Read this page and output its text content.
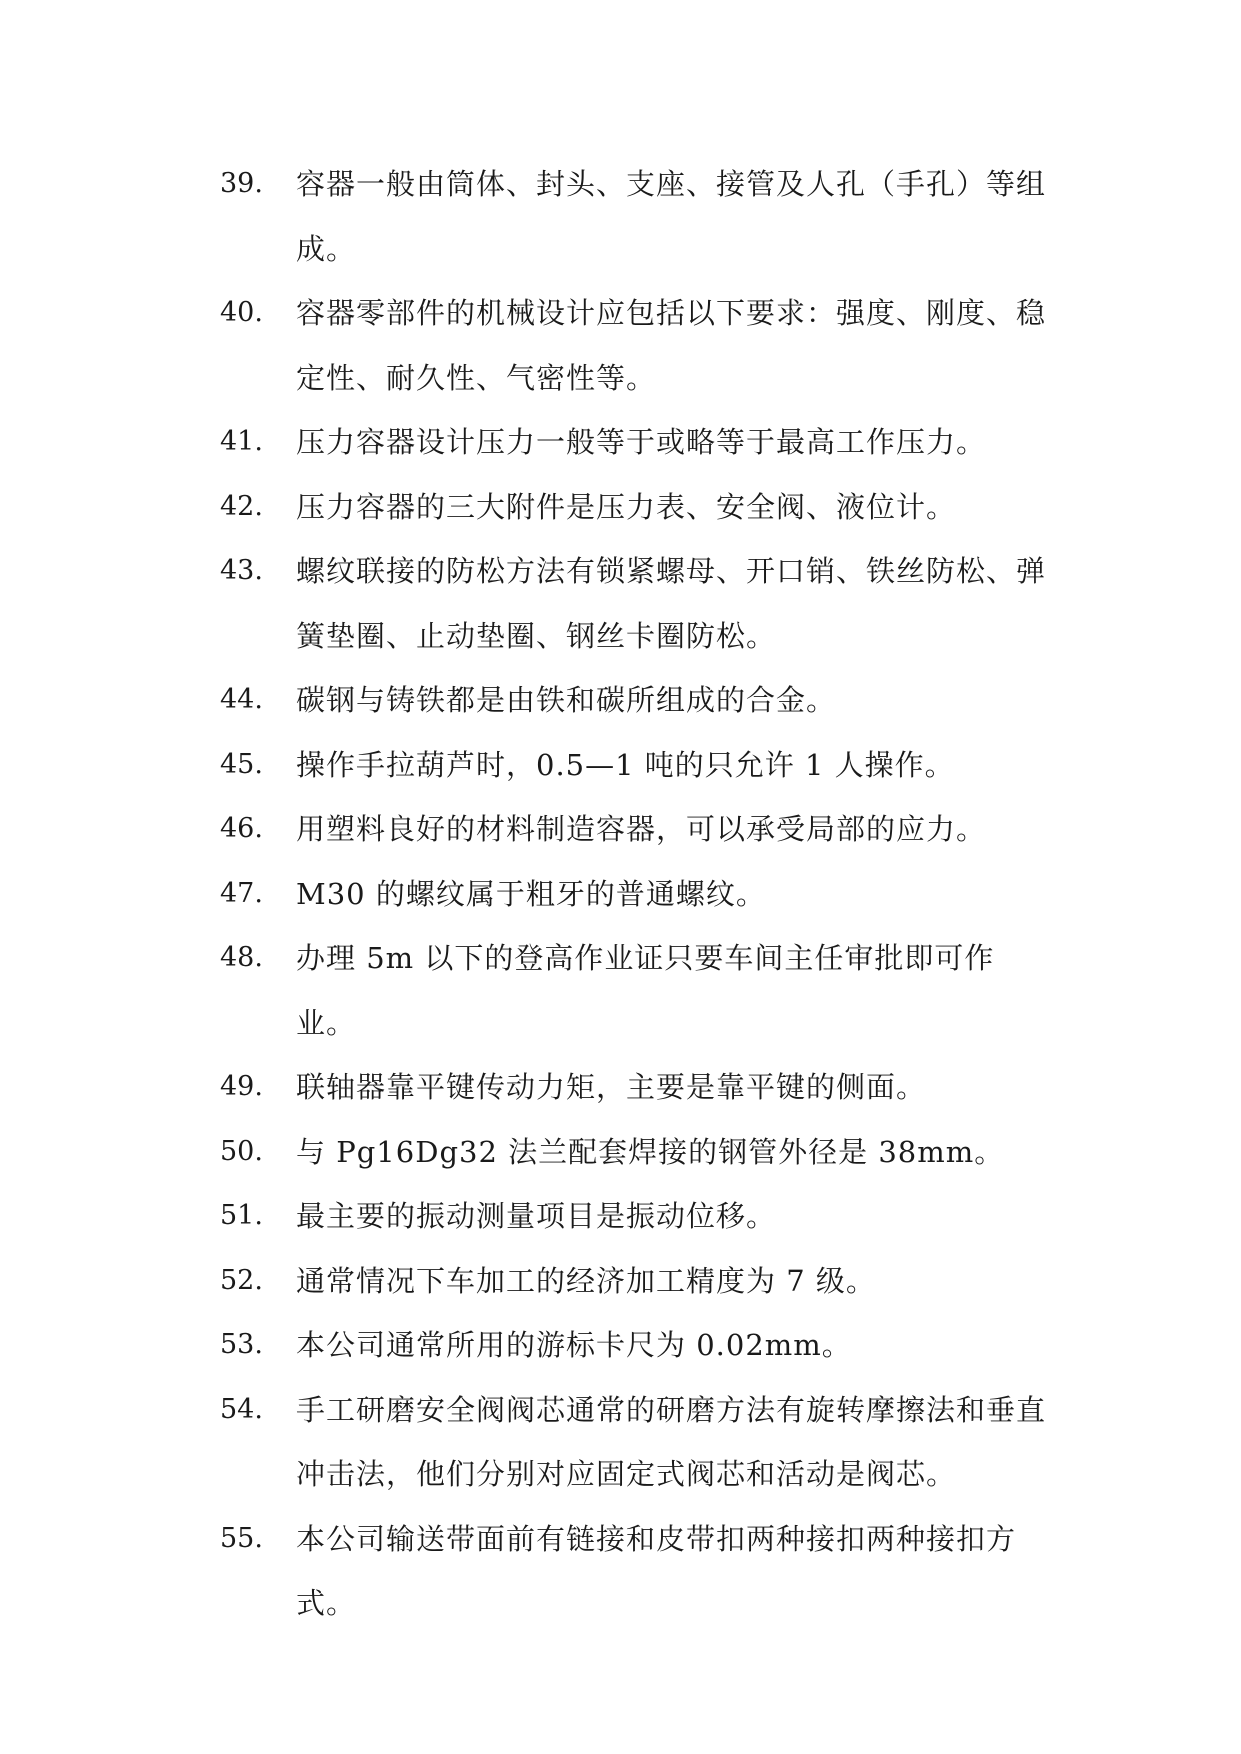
39.	容器一般由筒体、封头、支座、接管及人孔（手孔）等组成。
40.	容器零部件的机械设计应包括以下要求：强度、刚度、稳定性、耐久性、气密性等。
41.	压力容器设计压力一般等于或略等于最高工作压力。
42.	压力容器的三大附件是压力表、安全阀、液位计。
43.	螺纹联接的防松方法有锁紧螺母、开口销、铁丝防松、弹簧垫圈、止动垫圈、钢丝卡圈防松。
44.	碳钢与铸铁都是由铁和碳所组成的合金。
45.	操作手拉葫芦时，0.5—1 吨的只允许 1 人操作。
46.	用塑料良好的材料制造容器，可以承受局部的应力。
47.	M30 的螺纹属于粗牙的普通螺纹。
48.	办理 5m 以下的登高作业证只要车间主任审批即可作业。
49.	联轴器靠平键传动力矩，主要是靠平键的侧面。
50.	与 Pg16Dg32 法兰配套焊接的钢管外径是 38mm。
51.	最主要的振动测量项目是振动位移。
52.	通常情况下车加工的经济加工精度为 7 级。
53.	本公司通常所用的游标卡尺为 0.02mm。
54.	手工研磨安全阀阀芯通常的研磨方法有旋转摩擦法和垂直冲击法，他们分别对应固定式阀芯和活动是阀芯。
55.	本公司输送带面前有链接和皮带扣两种接扣两种接扣方式。
